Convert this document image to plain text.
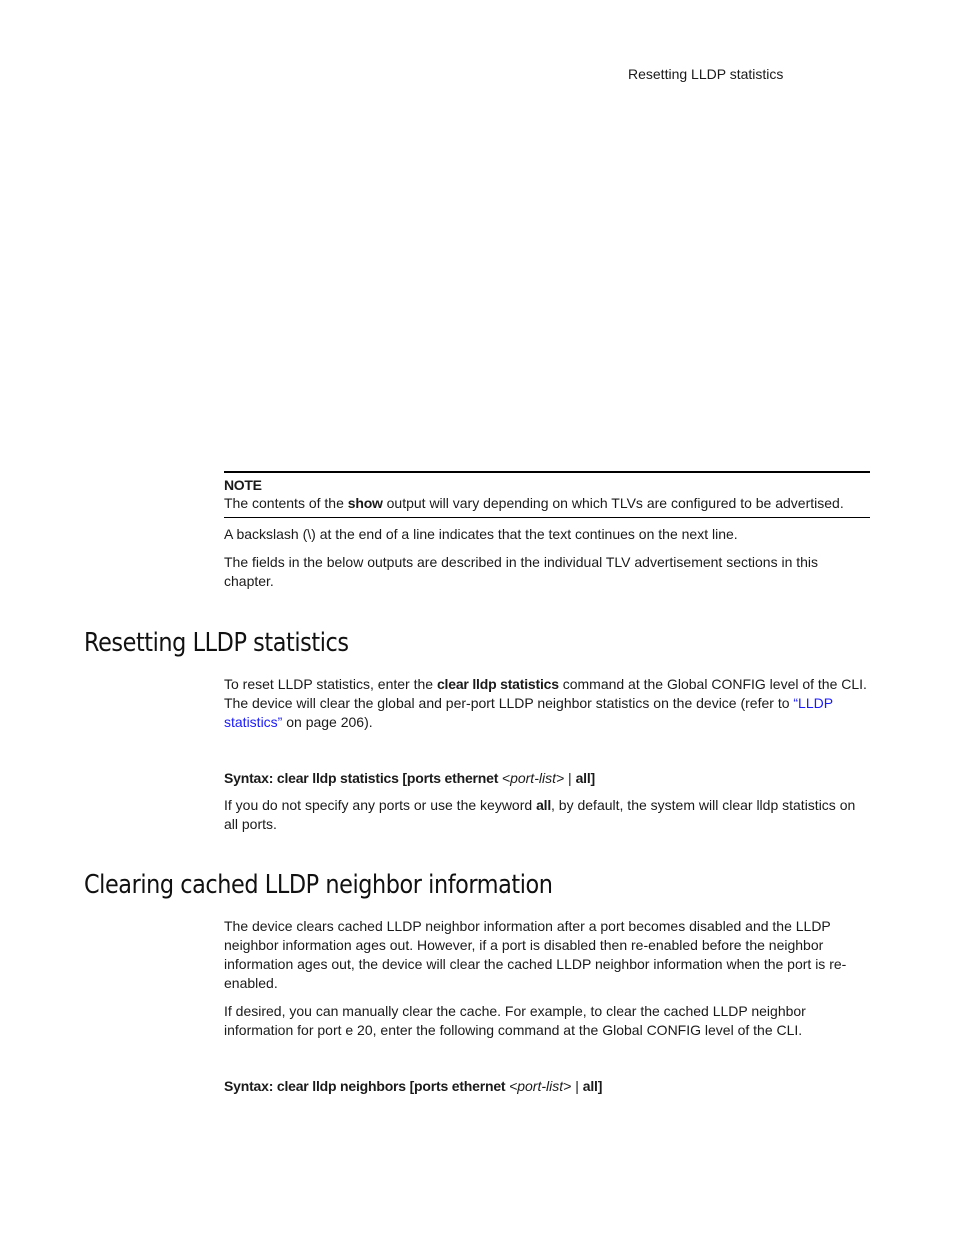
Resetting LLDP statistics
NOTE
The contents of the show output will vary depending on which TLVs are configured to be advertised.

A backslash (\) at the end of a line indicates that the text continues on the next line.

The fields in the below outputs are described in the individual TLV advertisement sections in this chapter.

Resetting LLDP statistics

To reset LLDP statistics, enter the clear lldp statistics command at the Global CONFIG level of the CLI. The device will clear the global and per-port LLDP neighbor statistics on the device (refer to “LLDP statistics” on page 206).

Syntax: clear lldp statistics [ports ethernet <port-list> | all]

If you do not specify any ports or use the keyword all, by default, the system will clear lldp statistics on all ports.

Clearing cached LLDP neighbor information

The device clears cached LLDP neighbor information after a port becomes disabled and the LLDP neighbor information ages out. However, if a port is disabled then re-enabled before the neighbor information ages out, the device will clear the cached LLDP neighbor information when the port is re-enabled.

If desired, you can manually clear the cache. For example, to clear the cached LLDP neighbor information for port e 20, enter the following command at the Global CONFIG level of the CLI.

Syntax: clear lldp neighbors [ports ethernet <port-list> | all]
